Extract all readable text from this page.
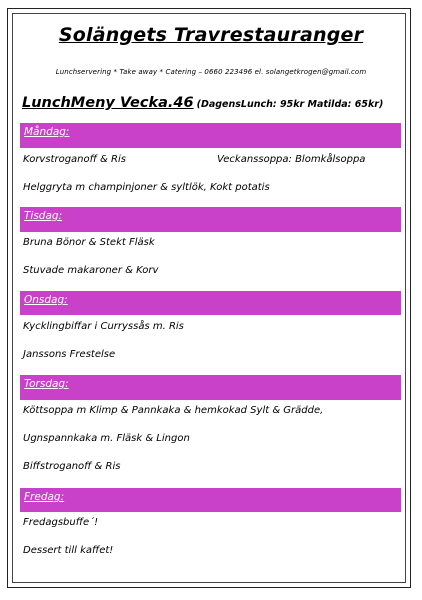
Solängets Travrestauranger
Lunchservering * Take away * Catering – 0660 223496 el. solangetkrogen@gmail.com
LunchMeny Vecka.46 (DagensLunch: 95kr Matilda: 65kr)
Måndag:
Korvstroganoff & Ris	Veckanssoppa: Blomkålsoppa
Helggryta m champinjoner & syltlök, Kokt potatis
Tisdag:
Bruna Bönor & Stekt Fläsk
Stuvade makaroner & Korv
Onsdag:
Kycklingbiffar i Curryssås m. Ris
Janssons Frestelse
Torsdag:
Köttsoppa m Klimp & Pannkaka & hemkokad Sylt & Grädde,
Ugnspannkaka m. Fläsk & Lingon
Biffstroganoff & Ris
Fredag:
Fredagsbuffe´!
Dessert till kaffet!
